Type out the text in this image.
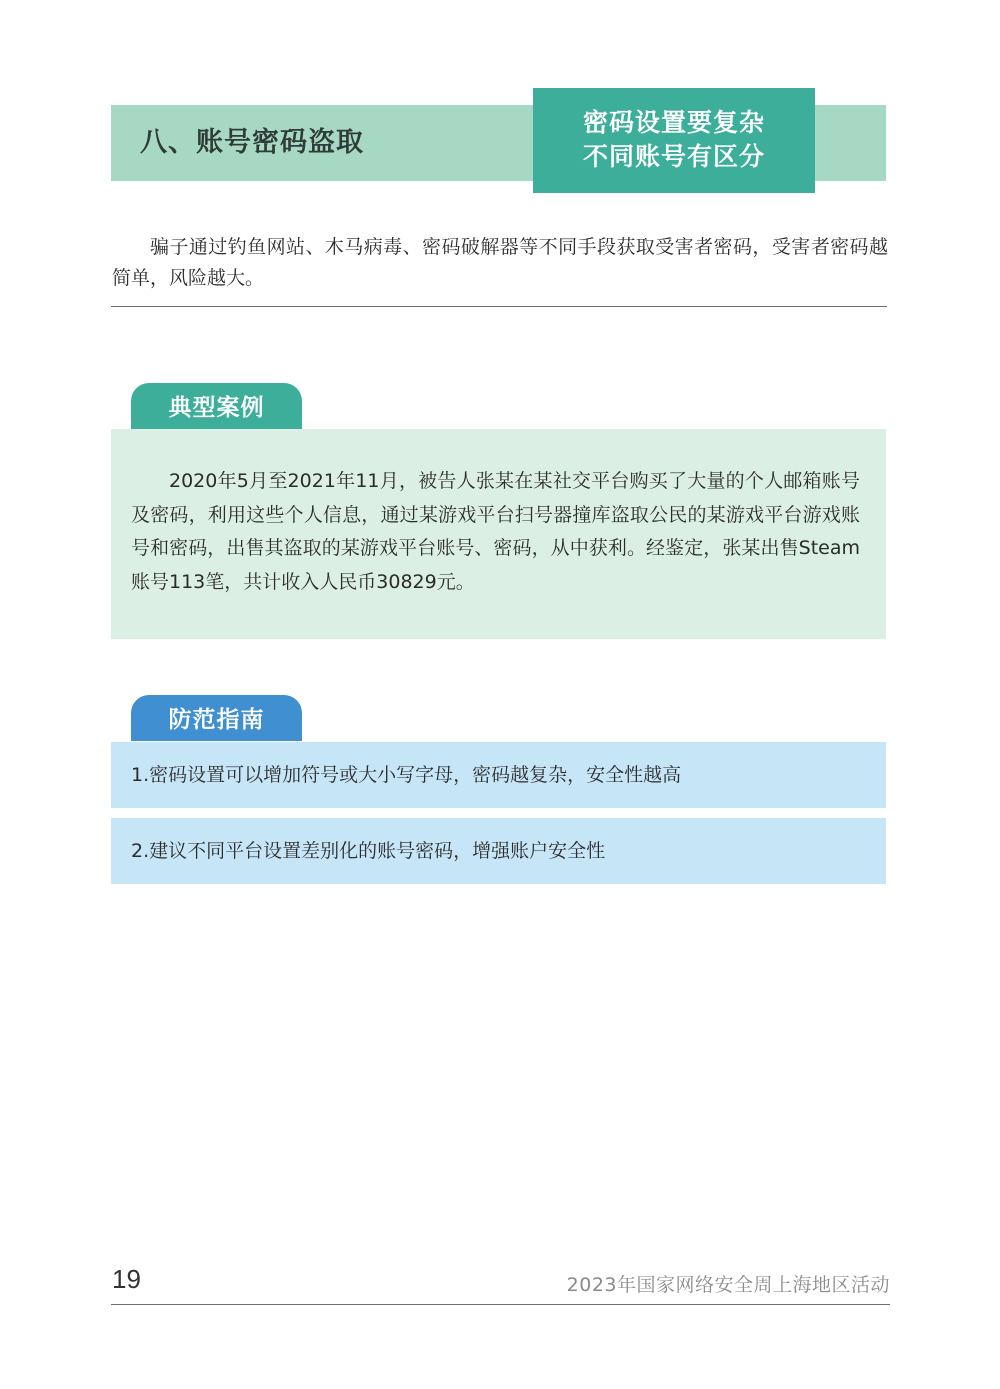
八、账号密码盗取
密码设置要复杂
不同账号有区分
骗子通过钓鱼网站、木马病毒、密码破解器等不同手段获取受害者密码，受害者密码越简单，风险越大。
典型案例
2020年5月至2021年11月，被告人张某在某社交平台购买了大量的个人邮箱账号及密码，利用这些个人信息，通过某游戏平台扫号器撞库盗取公民的某游戏平台游戏账号和密码，出售其盗取的某游戏平台账号、密码，从中获利。经鉴定，张某出售Steam账号113笔，共计收入人民币30829元。
防范指南
1.密码设置可以增加符号或大小写字母，密码越复杂，安全性越高
2.建议不同平台设置差别化的账号密码，增强账户安全性
19	2023年国家网络安全周上海地区活动
